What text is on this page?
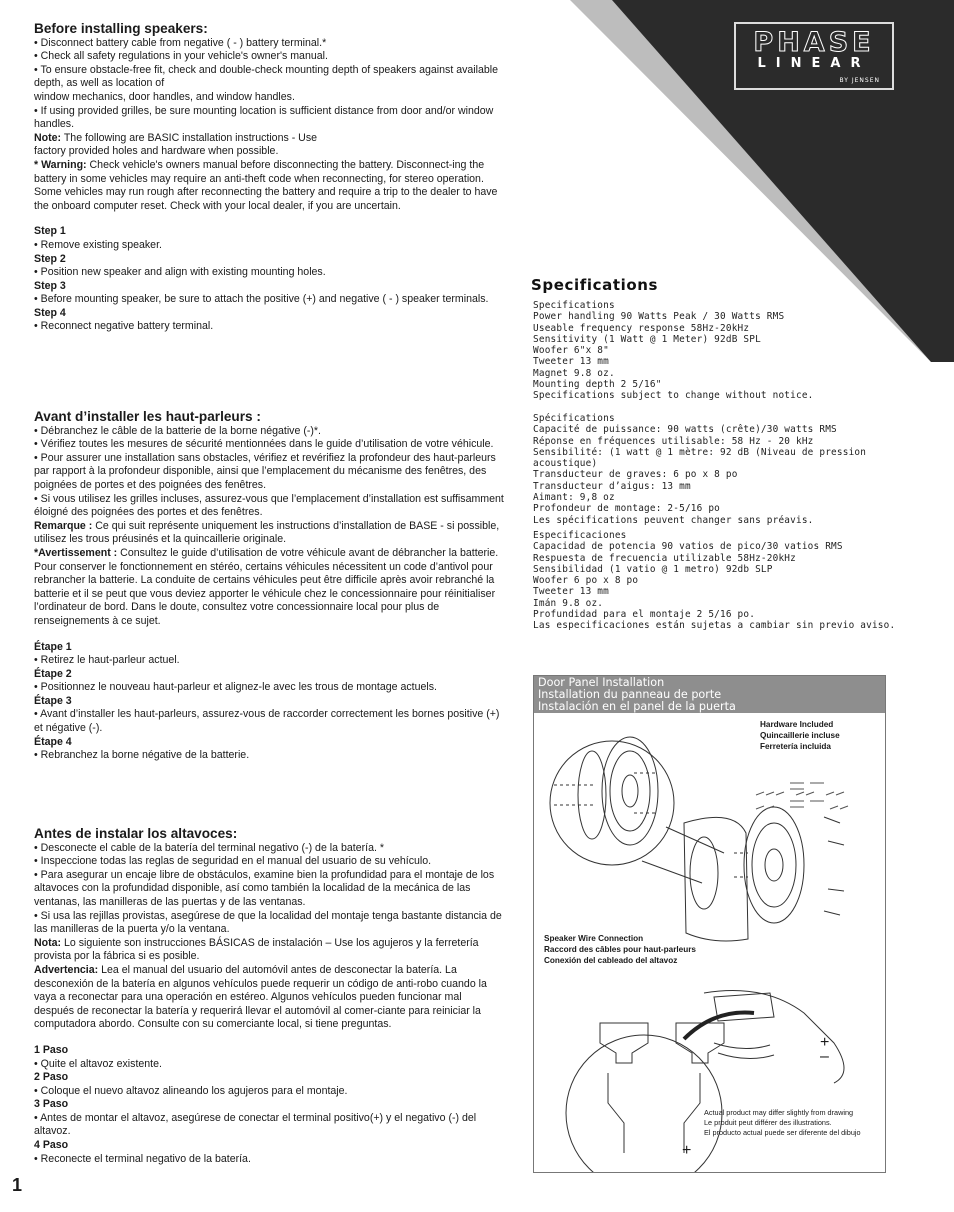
PHASE
LINEAR
BY JENSEN
Before installing speakers:

• Disconnect battery cable from negative ( - ) battery terminal.*

• Check all safety regulations in your vehicle's owner's manual.

• To ensure obstacle-free fit, check and double-check mounting depth of speakers against available depth, as well as location of

window mechanics, door handles, and window handles.

• If using provided grilles, be sure mounting location is sufficient distance from door and/or window handles.

Note: The following are BASIC installation instructions - Use

factory provided holes and hardware when possible.

* Warning: Check vehicle's owners manual before disconnecting the battery. Disconnect-ing the battery in some vehicles may require an anti-theft code when reconnecting, for stereo operation. Some vehicles may run rough after reconnecting the battery and require a trip to the dealer to have the onboard computer reset. Check with your local dealer, if you are uncertain.

Step 1

• Remove existing speaker.

Step 2

• Position new speaker and align with existing mounting holes.

Step 3

• Before mounting speaker, be sure to attach the positive (+) and negative ( - ) speaker terminals.

Step 4

• Reconnect negative battery terminal.

Avant d’installer les haut-parleurs :

• Débranchez le câble de la batterie de la borne négative (-)*.

• Vérifiez toutes les mesures de sécurité mentionnées dans le guide d’utilisation de votre véhicule.

• Pour assurer une installation sans obstacles, vérifiez et revérifiez la profondeur des haut-parleurs par rapport à la profondeur disponible, ainsi que l’emplacement du mécanisme des fenêtres, des poignées de portes et des poignées des fenêtres.

• Si vous utilisez les grilles incluses, assurez-vous que l’emplacement d’installation est suffisamment éloigné des poignées des portes et des fenêtres.

Remarque : Ce qui suit représente uniquement les instructions d’installation de BASE - si possible, utilisez les trous préusinés et la quincaillerie originale.

*Avertissement : Consultez le guide d’utilisation de votre véhicule avant de débrancher la batterie. Pour conserver le fonctionnement en stéréo, certains véhicules nécessitent un code d’antivol pour rebrancher la batterie. La conduite de certains véhicules peut être difficile après avoir rebranché la batterie et il se peut que vous deviez apporter le véhicule chez le concessionnaire pour réinitialiser l’ordinateur de bord. Dans le doute, consultez votre concessionnaire local pour plus de renseignements à ce sujet.

Étape 1

• Retirez le haut-parleur actuel.

Étape 2

• Positionnez le nouveau haut-parleur et alignez-le avec les trous de montage actuels.

Étape 3

• Avant d’installer les haut-parleurs, assurez-vous de raccorder correctement les bornes positive (+) et négative (-).

Étape 4

• Rebranchez la borne négative de la batterie.

Antes de instalar los altavoces:

• Desconecte el cable de la batería del terminal negativo (-) de la batería. *

• Inspeccione todas las reglas de seguridad en el manual del usuario de su vehículo.

• Para asegurar un encaje libre de obstáculos, examine bien la profundidad para el montaje de los altavoces con la profundidad disponible, así como también la localidad de la mecánica de las ventanas, las manilleras de las puertas y de las ventanas.

• Si usa las rejillas provistas, asegúrese de que la localidad del montaje tenga bastante distancia de las manilleras de la puerta y/o la ventana.

Nota: Lo siguiente son instrucciones BÁSICAS de instalación – Use los agujeros y la ferretería provista por la fábrica si es posible.

Advertencia: Lea el manual del usuario del automóvil antes de desconectar la batería. La desconexión de la batería en algunos vehículos puede requerir un código de anti-robo cuando la vaya a reconectar para una operación en estéreo. Algunos vehículos pueden funcionar mal después de reconectar la batería y requerirá llevar el automóvil al comer-ciante para reiniciar la computadora abordo. Consulte con su comerciante local, si tiene preguntas.

1 Paso

• Quite el altavoz existente.

2 Paso

• Coloque el nuevo altavoz alineando los agujeros para el montaje.

3 Paso

• Antes de montar el altavoz, asegúrese de conectar el terminal positivo(+) y el negativo (-) del altavoz.

4 Paso

• Reconecte el terminal negativo de la batería.

Specifications

Specifications

Power handling 90 Watts Peak / 30 Watts RMS

Useable frequency response 58Hz-20kHz

Sensitivity (1 Watt @ 1 Meter) 92dB SPL

Woofer 6"x 8"

Tweeter 13 mm

Magnet 9.8 oz.

Mounting depth 2 5/16"

Specifications subject to change without notice.

Spécifications

Capacité de puissance: 90 watts (crête)/30 watts RMS

Réponse en fréquences utilisable: 58 Hz - 20 kHz

Sensibilité: (1 watt @ 1 mètre: 92 dB (Niveau de pression acoustique)

Transducteur de graves: 6 po x 8 po

Transducteur d’aigus: 13 mm

Aimant: 9,8 oz

Profondeur de montage: 2-5/16 po

Les spécifications peuvent changer sans préavis.

Especificaciones

Capacidad de potencia 90 vatios de pico/30 vatios RMS

Respuesta de frecuencia utilizable 58Hz-20kHz

Sensibilidad (1 vatio @ 1 metro) 92db SLP

Woofer 6 po x 8 po

Tweeter 13 mm

Imán 9.8 oz.

Profundidad para el montaje 2 5/16 po.

Las especificaciones están sujetas a cambiar sin previo aviso.

Door Panel Installation
Installation du panneau de porte
Instalación en el panel de la puerta
Hardware Included
Quincaillerie incluse
Ferretería incluida
Speaker Wire Connection
Raccord des câbles pour haut-parleurs
Conexión del cableado del altavoz
+
–
+
Actual product may differ slightly from drawing
Le produit peut différer des illustrations.
El producto actual puede ser diferente del dibujo
1
